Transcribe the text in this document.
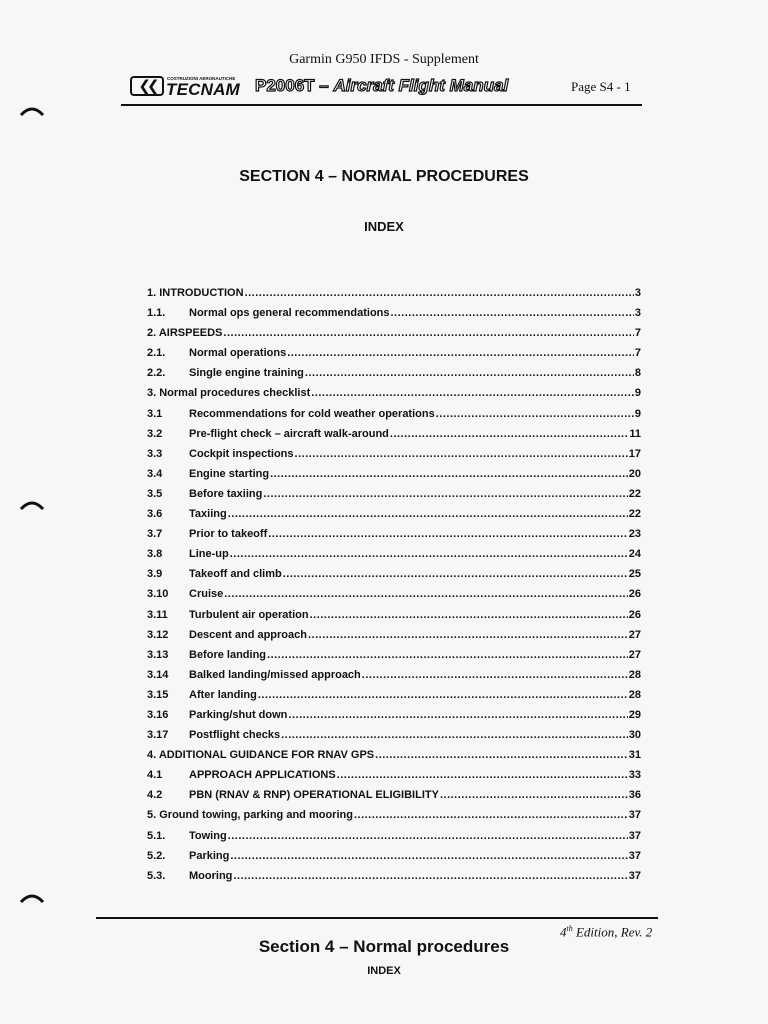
Garmin G950 IFDS - Supplement
❮❮	COSTRUZIONI AERONAUTICHE
TECNAM P2006T – Aircraft Flight Manual	Page S4 - 1
SECTION 4 – NORMAL PROCEDURES
INDEX
1. INTRODUCTION .....	3
1.1.	Normal ops general recommendations .....	3
2. AIRSPEEDS .....	7
2.1.	Normal operations .....	7
2.2.	Single engine training .....	8
3. Normal procedures checklist .....	9
3.1	Recommendations for cold weather operations .....	9
3.2	Pre-flight check – aircraft walk-around .....	11
3.3	Cockpit inspections .....	17
3.4	Engine starting .....	20
3.5	Before taxiing .....	22
3.6	Taxiing .....	22
3.7	Prior to takeoff .....	23
3.8	Line-up .....	24
3.9	Takeoff and climb .....	25
3.10	Cruise .....	26
3.11	Turbulent air operation .....	26
3.12	Descent and approach .....	27
3.13	Before landing .....	27
3.14	Balked landing/missed approach .....	28
3.15	After landing .....	28
3.16	Parking/shut down .....	29
3.17	Postflight checks .....	30
4. ADDITIONAL GUIDANCE FOR RNAV GPS .....	31
4.1	APPROACH APPLICATIONS .....	33
4.2	PBN (RNAV & RNP) OPERATIONAL ELIGIBILITY .....	36
5. Ground towing, parking and mooring .....	37
5.1.	Towing .....	37
5.2.	Parking .....	37
5.3.	Mooring .....	37
4th Edition, Rev. 2
Section 4 – Normal procedures
INDEX
